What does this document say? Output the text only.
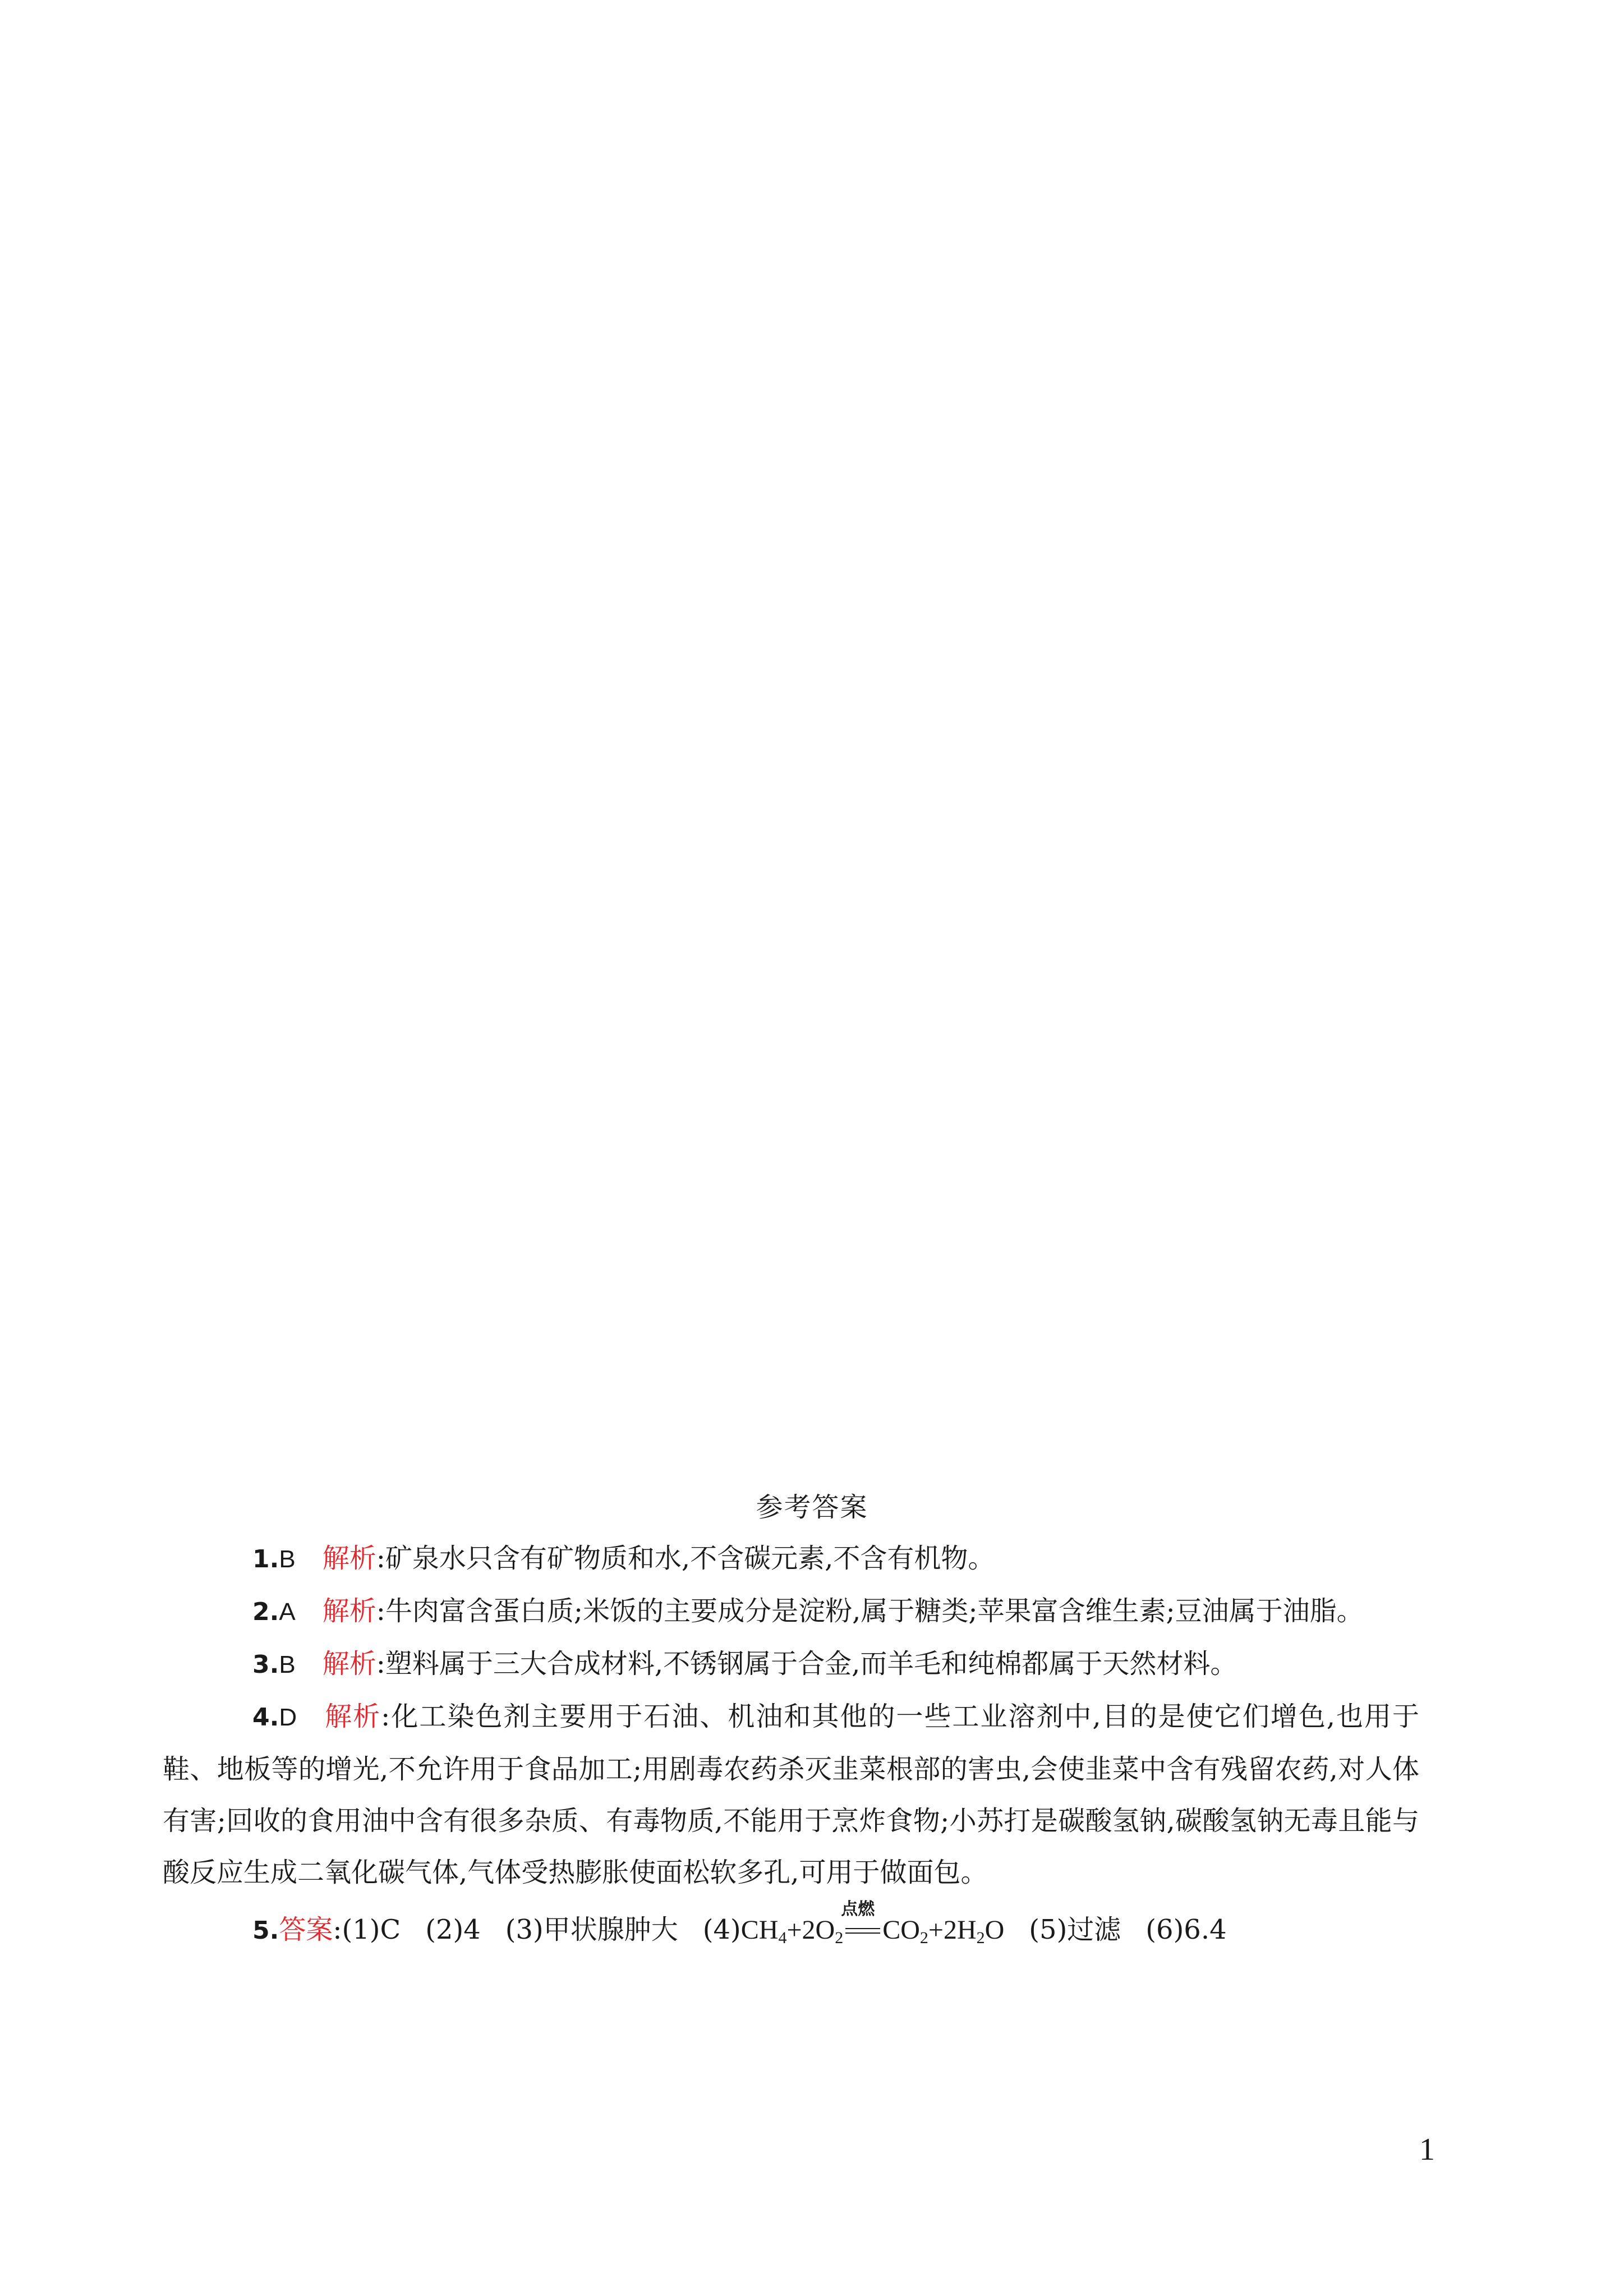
参考答案

1.B 解析:矿泉水只含有矿物质和水,不含碳元素,不含有机物。

2.A 解析:牛肉富含蛋白质;米饭的主要成分是淀粉,属于糖类;苹果富含维生素;豆油属于油脂。

3.B 解析:塑料属于三大合成材料,不锈钢属于合金,而羊毛和纯棉都属于天然材料。

4.D 解析:化工染色剂主要用于石油、机油和其他的一些工业溶剂中,目的是使它们增色,也用于鞋、地板等的增光,不允许用于食品加工;用剧毒农药杀灭韭菜根部的害虫,会使韭菜中含有残留农药,对人体有害;回收的食用油中含有很多杂质、有毒物质,不能用于烹炸食物;小苏打是碳酸氢钠,碳酸氢钠无毒且能与酸反应生成二氧化碳气体,气体受热膨胀使面松软多孔,可用于做面包。

5.答案:(1)C (2)4 (3)甲状腺肿大 $(4)CH_4+2O_2$
点燃
$CO_2+2H_2O$ (5)过滤 (6)6.4

1
